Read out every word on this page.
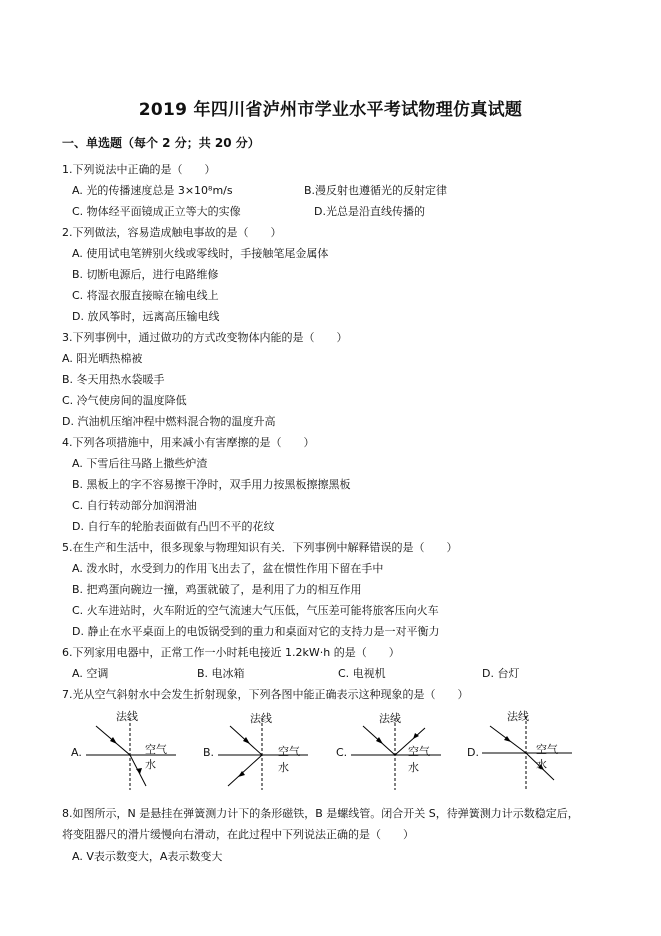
2019 年四川省泸州市学业水平考试物理仿真试题
一、单选题（每个 2 分；共 20 分）
1.下列说法中正确的是（　　）
A. 光的传播速度总是 3×10⁸m/s	B.漫反射也遵循光的反射定律
C. 物体经平面镜成正立等大的实像	D.光总是沿直线传播的
2.下列做法，容易造成触电事故的是（　　）
A. 使用试电笔辨别火线或零线时，手接触笔尾金属体
B. 切断电源后，进行电路维修
C. 将湿衣服直接晾在输电线上
D. 放风筝时，远离高压输电线
3.下列事例中，通过做功的方式改变物体内能的是（　　）
A. 阳光晒热棉被
B. 冬天用热水袋暖手
C. 冷气使房间的温度降低
D. 汽油机压缩冲程中燃料混合物的温度升高
4.下列各项措施中，用来减小有害摩擦的是（　　）
A. 下雪后往马路上撒些炉渣
B. 黑板上的字不容易擦干净时，双手用力按黑板擦擦黑板
C. 自行转动部分加润滑油
D. 自行车的轮胎表面做有凸凹不平的花纹
5.在生产和生活中，很多现象与物理知识有关．下列事例中解释错误的是（　　）
A. 泼水时，水受到力的作用飞出去了，盆在惯性作用下留在手中
B. 把鸡蛋向碗边一撞，鸡蛋就破了，是利用了力的相互作用
C. 火车进站时，火车附近的空气流速大气压低，气压差可能将旅客压向火车
D. 静止在水平桌面上的电饭锅受到的重力和桌面对它的支持力是一对平衡力
6.下列家用电器中，正常工作一小时耗电接近 1.2kW·h 的是（　　）
A. 空调	B. 电冰箱	C. 电视机	D. 台灯
7.光从空气斜射水中会发生折射现象，下列各图中能正确表示这种现象的是（　　）
A.
法线
空气
水
B.
法线
空气
水
C.
法线
空气
水
D.
法线
空气
水
8.如图所示，N 是悬挂在弹簧测力计下的条形磁铁，B 是螺线管。闭合开关 S，待弹簧测力计示数稳定后，
将变阻器尺的滑片缓慢向右滑动，在此过程中下列说法正确的是（　　）
A. V表示数变大，A表示数变大
